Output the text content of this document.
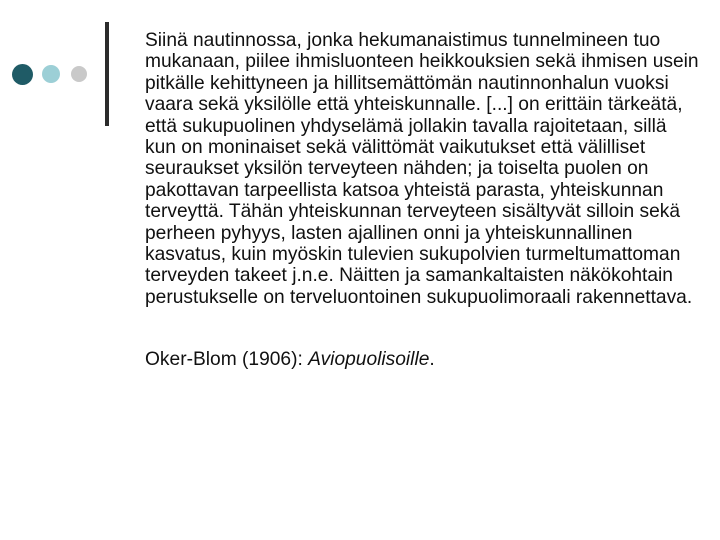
Siinä nautinnossa, jonka hekumanaistimus tunnelmineen tuo mukanaan, piilee ihmisluonteen heikkouksien sekä ihmisen usein pitkälle kehittyneen ja hillitsemättömän nautinnonhalun vuoksi vaara sekä yksilölle että yhteiskunnalle. [...] on erittäin tärkeätä, että sukupuolinen yhdyselämä jollakin tavalla rajoitetaan, sillä kun on moninaiset sekä välittömät vaikutukset että välilliset seuraukset yksilön terveyteen nähden; ja toiselta puolen on pakottavan tarpeellista katsoa yhteistä parasta, yhteiskunnan terveyttä. Tähän yhteiskunnan terveyteen sisältyvät silloin sekä perheen pyhyys, lasten ajallinen onni ja yhteiskunnallinen kasvatus, kuin myöskin tulevien sukupolvien turmeltumattoman terveyden takeet j.n.e. Näitten ja samankaltaisten näkökohtain perustukselle on terveluontoinen sukupuolimoraali rakennettava.

Oker-Blom (1906): Aviopuolisoille.
